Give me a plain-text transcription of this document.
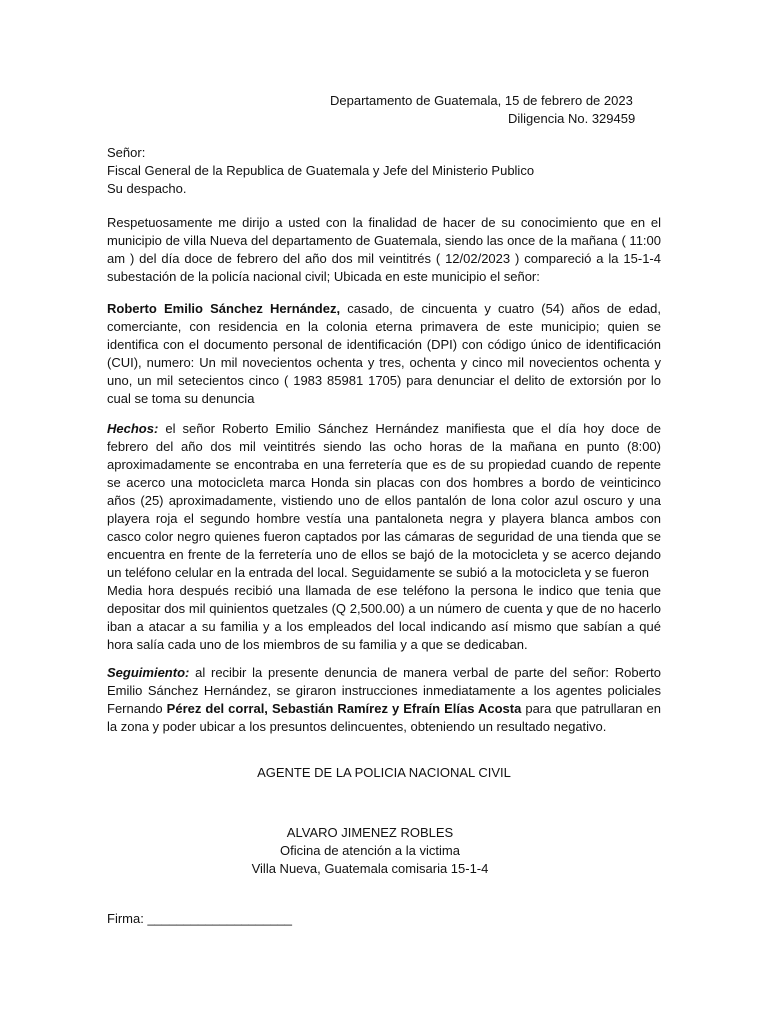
Departamento de Guatemala, 15 de febrero de 2023
Diligencia No. 329459
Señor:
Fiscal General de la Republica de Guatemala y Jefe del Ministerio Publico
Su despacho.
Respetuosamente me dirijo a usted con la finalidad de hacer de su conocimiento que en el municipio de villa Nueva del departamento de Guatemala, siendo las once de la mañana ( 11:00 am ) del día doce de febrero del año dos mil veintitrés ( 12/02/2023 ) compareció a la 15-1-4 subestación de la policía nacional civil; Ubicada en este municipio el señor:
Roberto Emilio Sánchez Hernández, casado, de cincuenta y cuatro (54) años de edad, comerciante, con residencia en la colonia eterna primavera de este municipio; quien se identifica con el documento personal de identificación (DPI) con código único de identificación (CUI), numero: Un mil novecientos ochenta y tres, ochenta y cinco mil novecientos ochenta y uno, un mil setecientos cinco ( 1983 85981 1705) para denunciar el delito de extorsión por lo cual se toma su denuncia
Hechos: el señor Roberto Emilio Sánchez Hernández manifiesta que el día hoy doce de febrero del año dos mil veintitrés siendo las ocho horas de la mañana en punto (8:00) aproximadamente se encontraba en una ferretería que es de su propiedad cuando de repente se acerco una motocicleta marca Honda sin placas con dos hombres a bordo de veinticinco años (25) aproximadamente, vistiendo uno de ellos pantalón de lona color azul oscuro y una playera roja el segundo hombre vestía una pantaloneta negra y playera blanca ambos con casco color negro quienes fueron captados por las cámaras de seguridad de una tienda que se encuentra en frente de la ferretería uno de ellos se bajó de la motocicleta y se acerco dejando un teléfono celular en la entrada del local. Seguidamente se subió a la motocicleta y se fueron
Media hora después recibió una llamada de ese teléfono la persona le indico que tenia que depositar dos mil quinientos quetzales (Q 2,500.00) a un número de cuenta y que de no hacerlo iban a atacar a su familia y a los empleados del local indicando así mismo que sabían a qué hora salía cada uno de los miembros de su familia y a que se dedicaban.
Seguimiento: al recibir la presente denuncia de manera verbal de parte del señor: Roberto Emilio Sánchez Hernández, se giraron instrucciones inmediatamente a los agentes policiales Fernando Pérez del corral, Sebastián Ramírez y Efraín Elías Acosta para que patrullaran en la zona y poder ubicar a los presuntos delincuentes, obteniendo un resultado negativo.
AGENTE DE LA POLICIA NACIONAL CIVIL
ALVARO JIMENEZ ROBLES
Oficina de atención a la victima
Villa Nueva, Guatemala comisaria 15-1-4
Firma: ____________________
